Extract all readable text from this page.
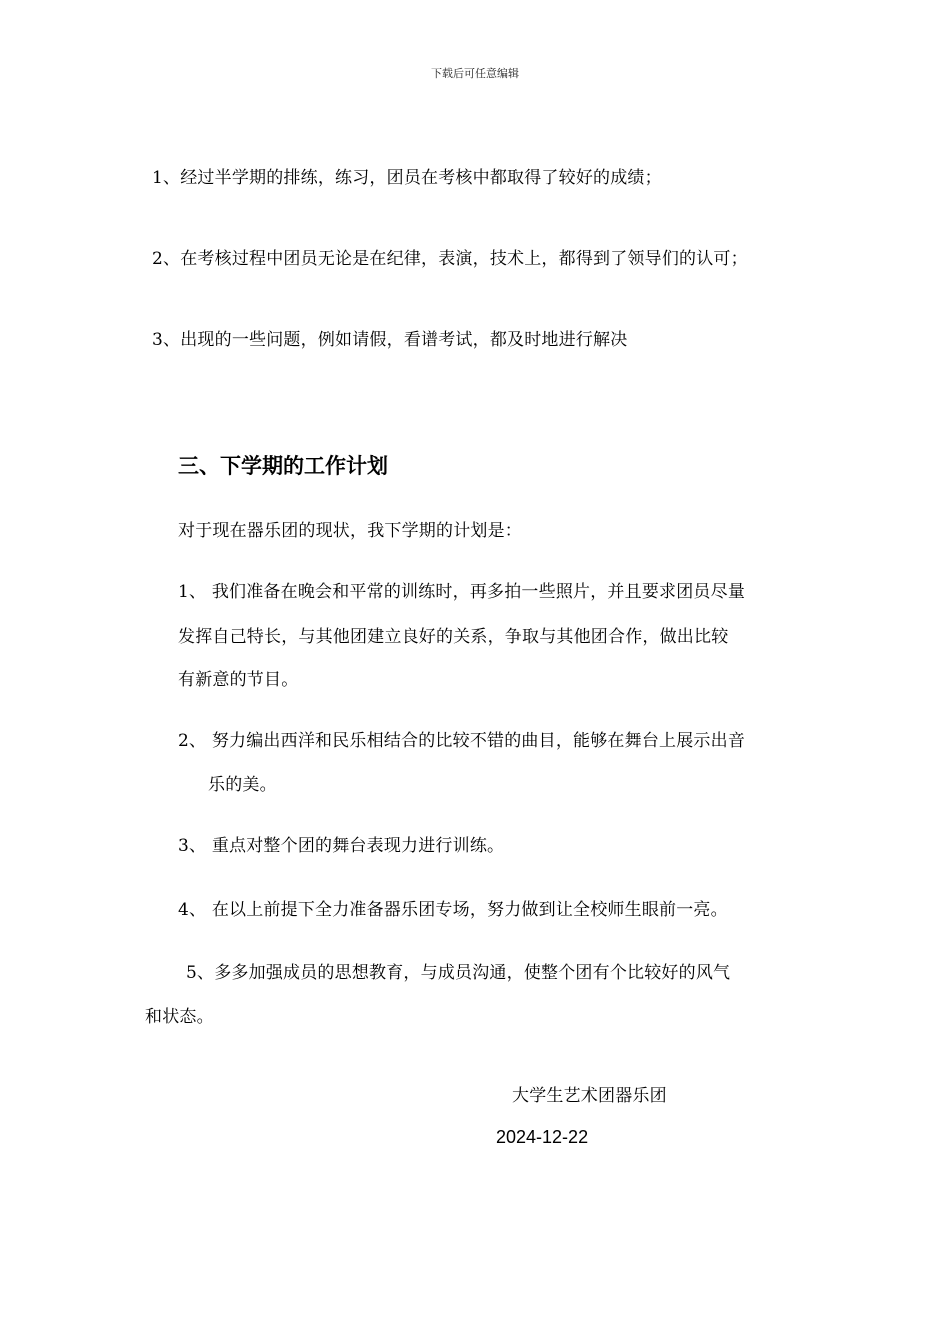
下载后可任意编辑
1、经过半学期的排练，练习，团员在考核中都取得了较好的成绩；
2、在考核过程中团员无论是在纪律，表演，技术上，都得到了领导们的认可；
3、出现的一些问题，例如请假，看谱考试，都及时地进行解决
三、下学期的工作计划
对于现在器乐团的现状，我下学期的计划是：
1、 我们准备在晚会和平常的训练时，再多拍一些照片，并且要求团员尽量
发挥自己特长，与其他团建立良好的关系，争取与其他团合作，做出比较
有新意的节目。
2、 努力编出西洋和民乐相结合的比较不错的曲目，能够在舞台上展示出音
乐的美。
3、 重点对整个团的舞台表现力进行训练。
4、 在以上前提下全力准备器乐团专场，努力做到让全校师生眼前一亮。
5、多多加强成员的思想教育，与成员沟通，使整个团有个比较好的风气
和状态。
大学生艺术团器乐团
2024-12-22
